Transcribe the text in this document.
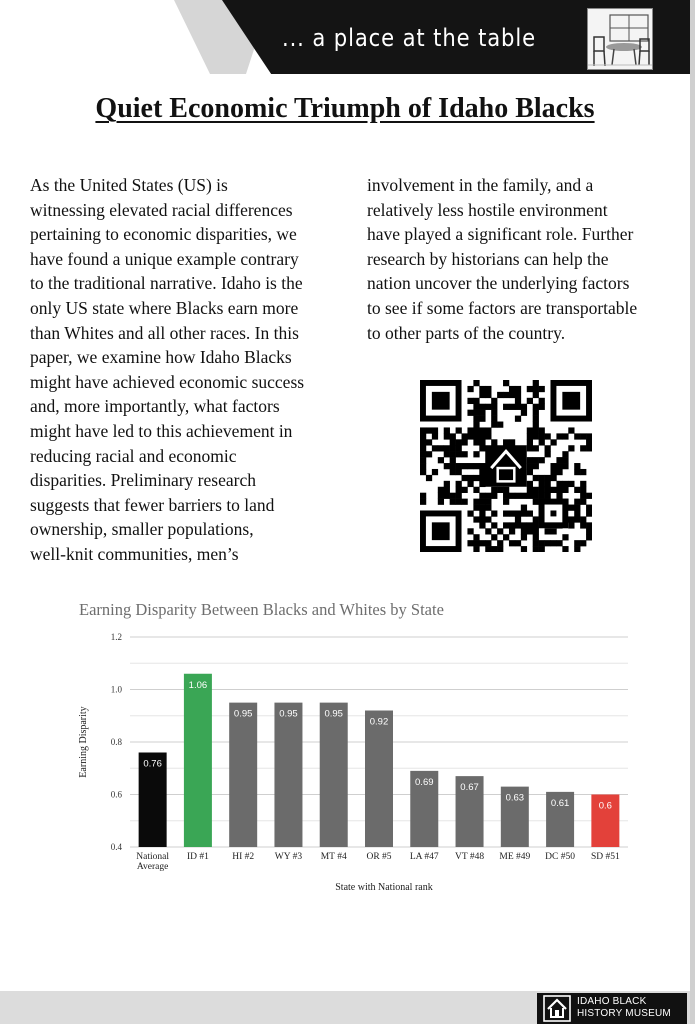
... a place at the table
Quiet Economic Triumph of Idaho Blacks

As the United States (US) is

witnessing elevated racial differences

pertaining to economic disparities, we

have found a unique example contrary

to the traditional narrative. Idaho is the

only US state where Blacks earn more

than Whites and all other races. In this

paper, we examine how Idaho Blacks

might have achieved economic success

and, more importantly, what factors

might have led to this achievement in

reducing racial and economic

disparities. Preliminary research

suggests that fewer barriers to land

ownership, smaller populations,

well-knit communities, men’s

involvement in the family, and a

relatively less hostile environment

have played a significant role. Further

research by historians can help the

nation uncover the underlying factors

to see if some factors are transportable

to other parts of the country.

Earning Disparity Between Blacks and Whites by State
0.4
0.6
0.8
1.0
1.2
Earning Disparity	0.76
National
Average
1.06
ID #1
0.95
HI #2
0.95
WY #3
0.95
MT #4
0.92
OR #5
0.69
LA #47
0.67
VT #48
0.63
ME #49
0.61
DC #50
0.6
SD #51
State with National rank
IDAHO BLACK
HISTORY MUSEUM
